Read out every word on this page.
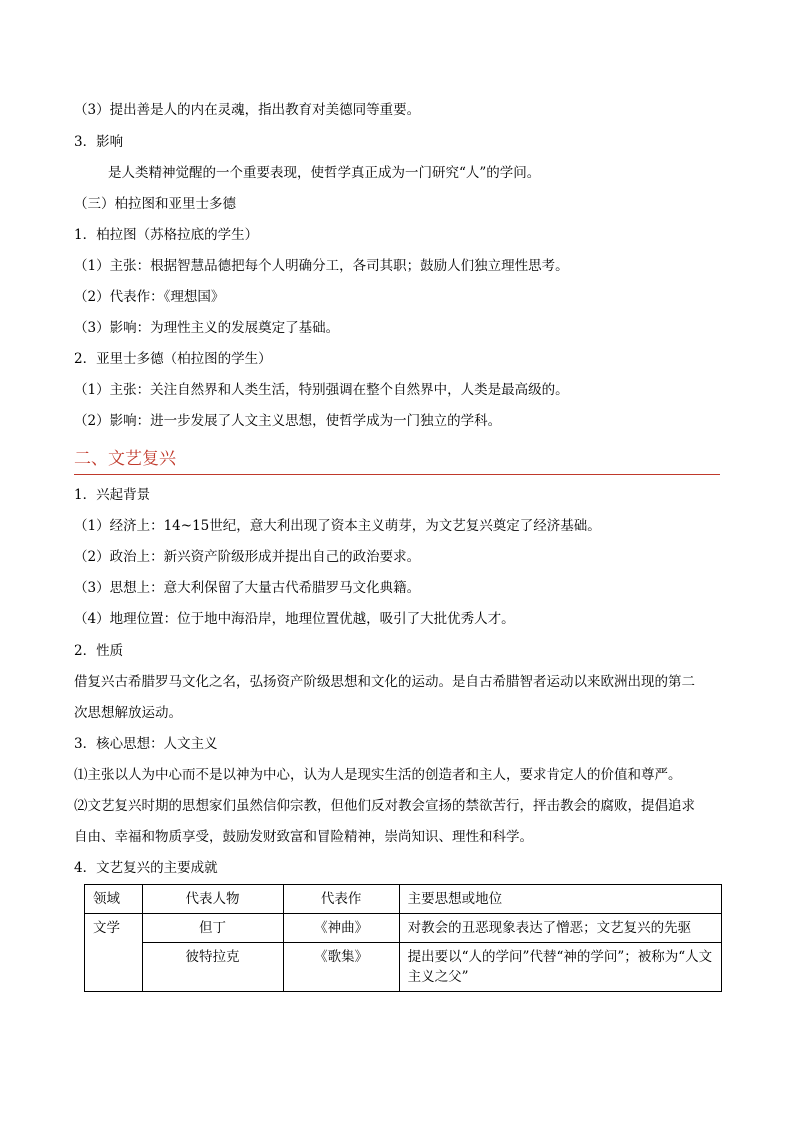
（3）提出善是人的内在灵魂，指出教育对美德同等重要。
3．影响
是人类精神觉醒的一个重要表现，使哲学真正成为一门研究“人”的学问。
（三）柏拉图和亚里士多德
1．柏拉图（苏格拉底的学生）
（1）主张：根据智慧品德把每个人明确分工，各司其职；鼓励人们独立理性思考。
（2）代表作：《理想国》
（3）影响：为理性主义的发展奠定了基础。
2．亚里士多德（柏拉图的学生）
（1）主张：关注自然界和人类生活，特别强调在整个自然界中，人类是最高级的。
（2）影响：进一步发展了人文主义思想，使哲学成为一门独立的学科。
二、文艺复兴
1．兴起背景
（1）经济上：14~15世纪，意大利出现了资本主义萌芽，为文艺复兴奠定了经济基础。
（2）政治上：新兴资产阶级形成并提出自己的政治要求。
（3）思想上：意大利保留了大量古代希腊罗马文化典籍。
（4）地理位置：位于地中海沿岸，地理位置优越，吸引了大批优秀人才。
2．性质
借复兴古希腊罗马文化之名，弘扬资产阶级思想和文化的运动。是自古希腊智者运动以来欧洲出现的第二
次思想解放运动。
3．核心思想：人文主义
⑴主张以人为中心而不是以神为中心，认为人是现实生活的创造者和主人，要求肯定人的价值和尊严。
⑵文艺复兴时期的思想家们虽然信仰宗教，但他们反对教会宣扬的禁欲苦行，抨击教会的腐败，提倡追求
自由、幸福和物质享受，鼓励发财致富和冒险精神，崇尚知识、理性和科学。
4．文艺复兴的主要成就
领域	代表人物	代表作	主要思想或地位
文学	但丁	《神曲》	对教会的丑恶现象表达了憎恶；文艺复兴的先驱
	彼特拉克	《歌集》	提出要以“人的学问”代替“神的学问”；被称为“人文主义之父”
